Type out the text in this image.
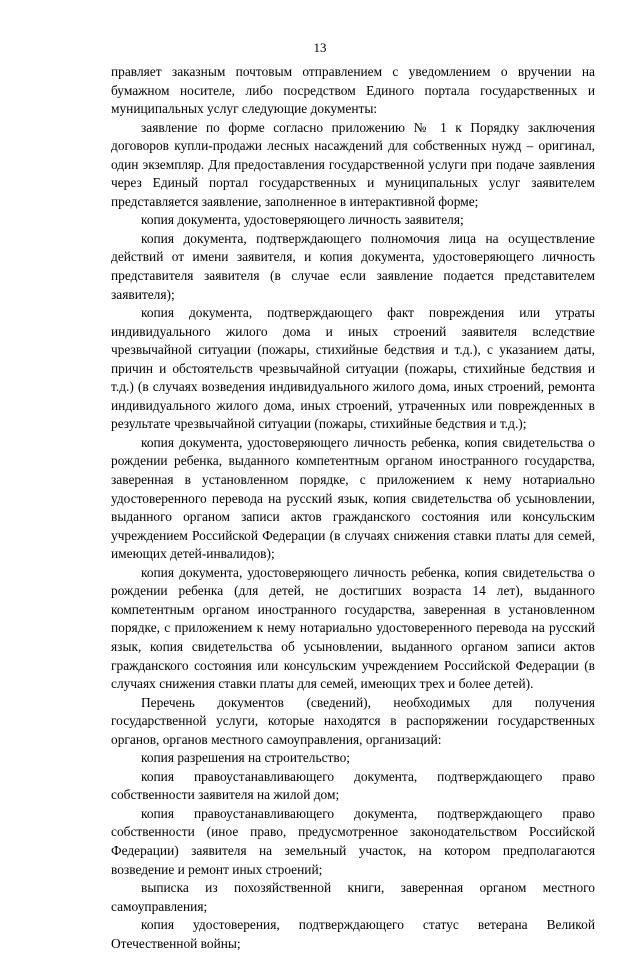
13

правляет заказным почтовым отправлением с уведомлением о вручении на бумажном носителе, либо посредством Единого портала государственных и муниципальных услуг следующие документы:

заявление по форме согласно приложению № 1 к Порядку заключения договоров купли-продажи лесных насаждений для собственных нужд – оригинал, один экземпляр. Для предоставления государственной услуги при подаче заявления через Единый портал государственных и муниципальных услуг заявителем представляется заявление, заполненное в интерактивной форме;

копия документа, удостоверяющего личность заявителя;

копия документа, подтверждающего полномочия лица на осуществление действий от имени заявителя, и копия документа, удостоверяющего личность представителя заявителя (в случае если заявление подается представителем заявителя);

копия документа, подтверждающего факт повреждения или утраты индивидуального жилого дома и иных строений заявителя вследствие чрезвычайной ситуации (пожары, стихийные бедствия и т.д.), с указанием даты, причин и обстоятельств чрезвычайной ситуации (пожары, стихийные бедствия и т.д.) (в случаях возведения индивидуального жилого дома, иных строений, ремонта индивидуального жилого дома, иных строений, утраченных или поврежденных в результате чрезвычайной ситуации (пожары, стихийные бедствия и т.д.);

копия документа, удостоверяющего личность ребенка, копия свидетельства о рождении ребенка, выданного компетентным органом иностранного государства, заверенная в установленном порядке, с приложением к нему нотариально удостоверенного перевода на русский язык, копия свидетельства об усыновлении, выданного органом записи актов гражданского состояния или консульским учреждением Российской Федерации (в случаях снижения ставки платы для семей, имеющих детей-инвалидов);

копия документа, удостоверяющего личность ребенка, копия свидетельства о рождении ребенка (для детей, не достигших возраста 14 лет), выданного компетентным органом иностранного государства, заверенная в установленном порядке, с приложением к нему нотариально удостоверенного перевода на русский язык, копия свидетельства об усыновлении, выданного органом записи актов гражданского состояния или консульским учреждением Российской Федерации (в случаях снижения ставки платы для семей, имеющих трех и более детей).

Перечень документов (сведений), необходимых для получения государственной услуги, которые находятся в распоряжении государственных органов, органов местного самоуправления, организаций:

копия разрешения на строительство;

копия правоустанавливающего документа, подтверждающего право собственности заявителя на жилой дом;

копия правоустанавливающего документа, подтверждающего право собственности (иное право, предусмотренное законодательством Российской Федерации) заявителя на земельный участок, на котором предполагаются возведение и ремонт иных строений;

выписка из похозяйственной книги, заверенная органом местного самоуправления;

копия удостоверения, подтверждающего статус ветерана Великой Отечественной войны;
